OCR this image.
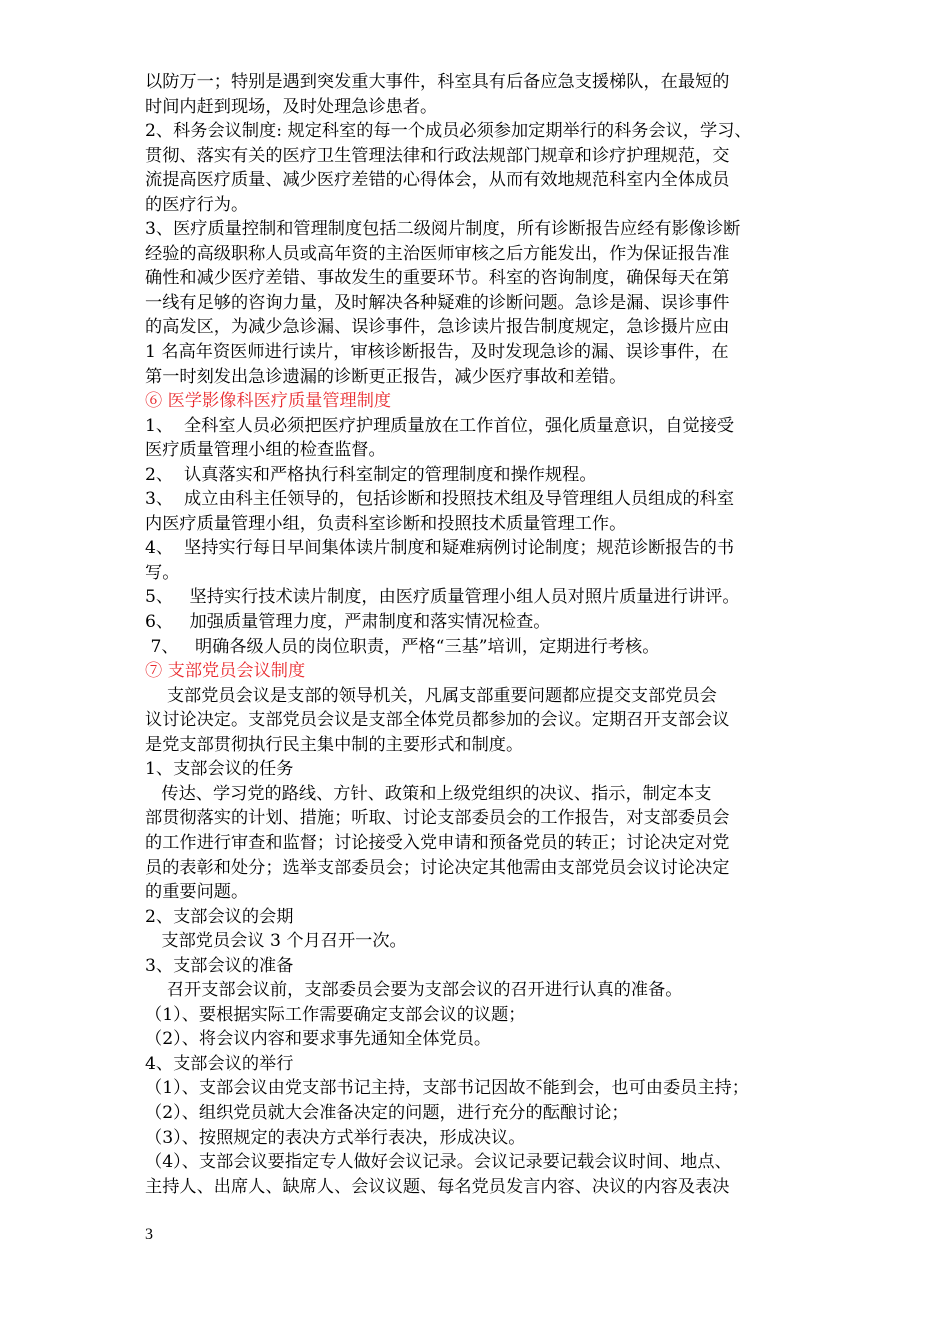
以防万一；特别是遇到突发重大事件，科室具有后备应急支援梯队，在最短的
时间内赶到现场，及时处理急诊患者。
2、科务会议制度: 规定科室的每一个成员必须参加定期举行的科务会议，学习、
贯彻、落实有关的医疗卫生管理法律和行政法规部门规章和诊疗护理规范，交
流提高医疗质量、减少医疗差错的心得体会，从而有效地规范科室内全体成员
的医疗行为。
3、医疗质量控制和管理制度包括二级阅片制度，所有诊断报告应经有影像诊断
经验的高级职称人员或高年资的主治医师审核之后方能发出，作为保证报告准
确性和减少医疗差错、事故发生的重要环节。科室的咨询制度，确保每天在第
一线有足够的咨询力量，及时解决各种疑难的诊断问题。急诊是漏、误诊事件
的高发区，为减少急诊漏、误诊事件，急诊读片报告制度规定，急诊摄片应由
1 名高年资医师进行读片，审核诊断报告，及时发现急诊的漏、误诊事件，在
第一时刻发出急诊遗漏的诊断更正报告，减少医疗事故和差错。
⑥ 医学影像科医疗质量管理制度
1、  全科室人员必须把医疗护理质量放在工作首位，强化质量意识，自觉接受
医疗质量管理小组的检查监督。
2、  认真落实和严格执行科室制定的管理制度和操作规程。
3、  成立由科主任领导的，包括诊断和投照技术组及导管理组人员组成的科室
内医疗质量管理小组，负责科室诊断和投照技术质量管理工作。
4、  坚持实行每日早间集体读片制度和疑难病例讨论制度；规范诊断报告的书
写。
5、   坚持实行技术读片制度，由医疗质量管理小组人员对照片质量进行讲评。
6、   加强质量管理力度，严肃制度和落实情况检查。
7、   明确各级人员的岗位职责，严格“三基”培训，定期进行考核。
⑦ 支部党员会议制度
支部党员会议是支部的领导机关，凡属支部重要问题都应提交支部党员会
议讨论决定。支部党员会议是支部全体党员都参加的会议。定期召开支部会议
是党支部贯彻执行民主集中制的主要形式和制度。
1、支部会议的任务
传达、学习党的路线、方针、政策和上级党组织的决议、指示，制定本支
部贯彻落实的计划、措施；听取、讨论支部委员会的工作报告，对支部委员会
的工作进行审查和监督；讨论接受入党申请和预备党员的转正；讨论决定对党
员的表彰和处分；选举支部委员会；讨论决定其他需由支部党员会议讨论决定
的重要问题。
2、支部会议的会期
支部党员会议 3 个月召开一次。
3、支部会议的准备
召开支部会议前，支部委员会要为支部会议的召开进行认真的准备。
（1）、要根据实际工作需要确定支部会议的议题；
（2）、将会议内容和要求事先通知全体党员。
4、支部会议的举行
（1）、支部会议由党支部书记主持，支部书记因故不能到会，也可由委员主持；
（2）、组织党员就大会准备决定的问题，进行充分的酝酿讨论；
（3）、按照规定的表决方式举行表决，形成决议。
（4）、支部会议要指定专人做好会议记录。会议记录要记载会议时间、地点、
主持人、出席人、缺席人、会议议题、每名党员发言内容、决议的内容及表决
3
